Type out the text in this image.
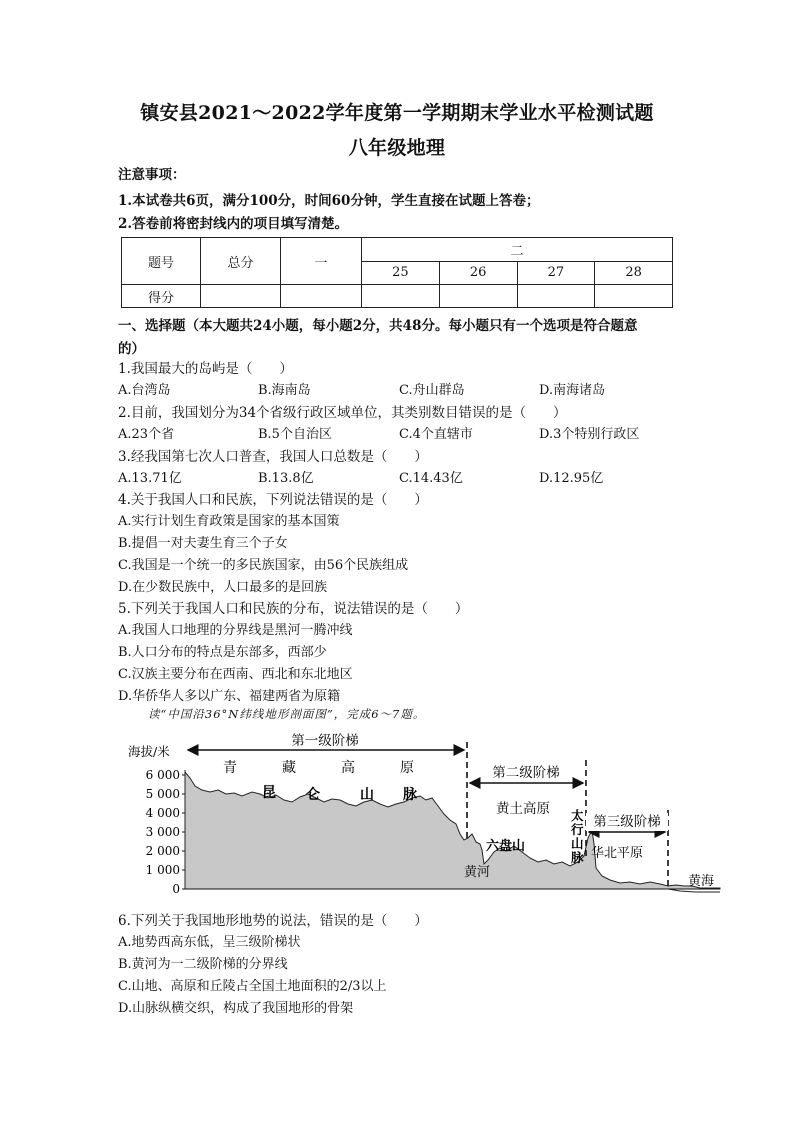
镇安县2021～2022学年度第一学期期末学业水平检测试题
八年级地理
注意事项：
1.本试卷共6页，满分100分，时间60分钟，学生直接在试题上答卷；
2.答卷前将密封线内的项目填写清楚。
题号	总分	一	二			
			25	26	27	28
得分						
一、选择题（本大题共24小题，每小题2分，共48分。每小题只有一个选项是符合题意
的）
1.我国最大的岛屿是（　　）
A.台湾岛	B.海南岛	C.舟山群岛	D.南海诸岛
2.目前，我国划分为34个省级行政区域单位，其类别数目错误的是（　　）
A.23个省	B.5个自治区	C.4个直辖市	D.3个特别行政区
3.经我国第七次人口普查，我国人口总数是（　　）
A.13.71亿	B.13.8亿	C.14.43亿	D.12.95亿
4.关于我国人口和民族，下列说法错误的是（　　）
A.实行计划生育政策是国家的基本国策
B.提倡一对夫妻生育三个子女
C.我国是一个统一的多民族国家，由56个民族组成
D.在少数民族中，人口最多的是回族
5.下列关于我国人口和民族的分布，说法错误的是（　　）
A.我国人口地理的分界线是黑河一腾冲线
B.人口分布的特点是东部多，西部少
C.汉族主要分布在西南、西北和东北地区
D.华侨华人多以广东、福建两省为原籍
读“中国沿36°N纬线地形剖面图”，完成6～7题。
海拔/米
6 000
5 000
4 000
3 000
2 000
1 000
0
第一级阶梯
第二级阶梯
第三级阶梯
青	藏	高	原
昆 仑	山 脉
黄土高原
六盘山
黄河
太
行
山
脉 华北平原
黄海
6.下列关于我国地形地势的说法，错误的是（　　）
A.地势西高东低，呈三级阶梯状
B.黄河为一二级阶梯的分界线
C.山地、高原和丘陵占全国土地面积的2/3以上
D.山脉纵横交织，构成了我国地形的骨架
